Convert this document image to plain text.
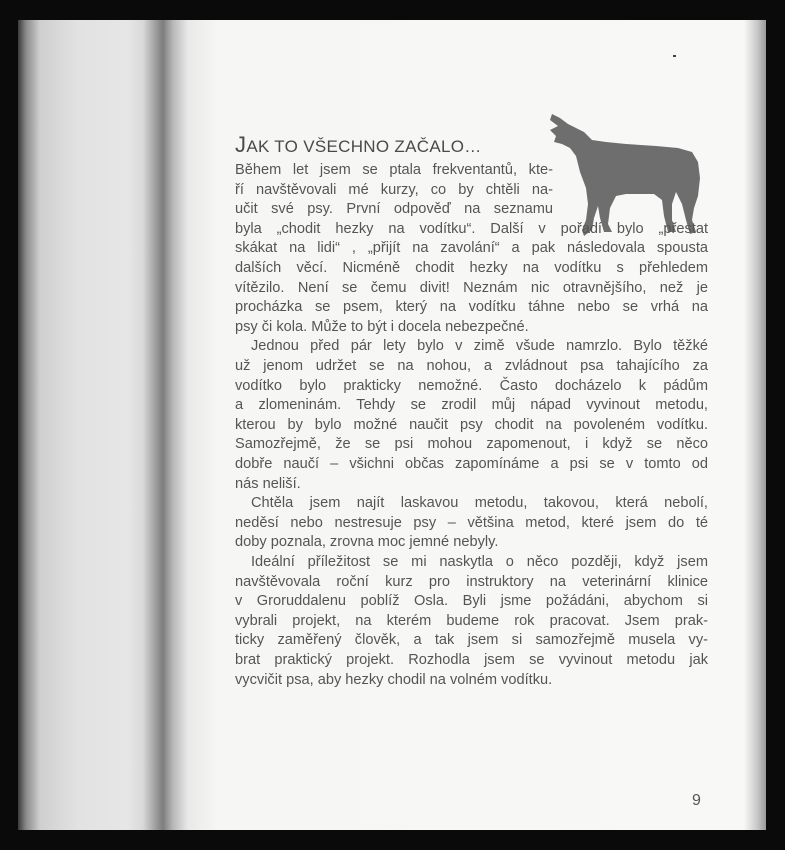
JAK TO VŠECHNO ZAČALO…
Během let jsem se ptala frekventantů, kte-
ří navštěvovali mé kurzy, co by chtěli na-
učit své psy. První odpověď na seznamu
byla „chodit hezky na vodítku“. Další v pořadí bylo „přestat
skákat na lidi“ , „přijít na zavolání“ a pak následovala spousta
dalších věcí. Nicméně chodit hezky na vodítku s přehledem
vítězilo. Není se čemu divit! Neznám nic otravnějšího, než je
procházka se psem, který na vodítku táhne nebo se vrhá na
psy či kola. Může to být i docela nebezpečné.
Jednou před pár lety bylo v zimě všude namrzlo. Bylo těžké
už jenom udržet se na nohou, a zvládnout psa tahajícího za
vodítko bylo prakticky nemožné. Často docházelo k pádům
a zlomeninám. Tehdy se zrodil můj nápad vyvinout metodu,
kterou by bylo možné naučit psy chodit na povoleném vodítku.
Samozřejmě, že se psi mohou zapomenout, i když se něco
dobře naučí – všichni občas zapomínáme a psi se v tomto od
nás neliší.
Chtěla jsem najít laskavou metodu, takovou, která nebolí,
neděsí nebo nestresuje psy – většina metod, které jsem do té
doby poznala, zrovna moc jemné nebyly.
Ideální příležitost se mi naskytla o něco později, když jsem
navštěvovala roční kurz pro instruktory na veterinární klinice
v Groruddalenu poblíž Osla. Byli jsme požádáni, abychom si
vybrali projekt, na kterém budeme rok pracovat. Jsem prak-
ticky zaměřený člověk, a tak jsem si samozřejmě musela vy-
brat praktický projekt. Rozhodla jsem se vyvinout metodu jak
vycvičit psa, aby hezky chodil na volném vodítku.
9
